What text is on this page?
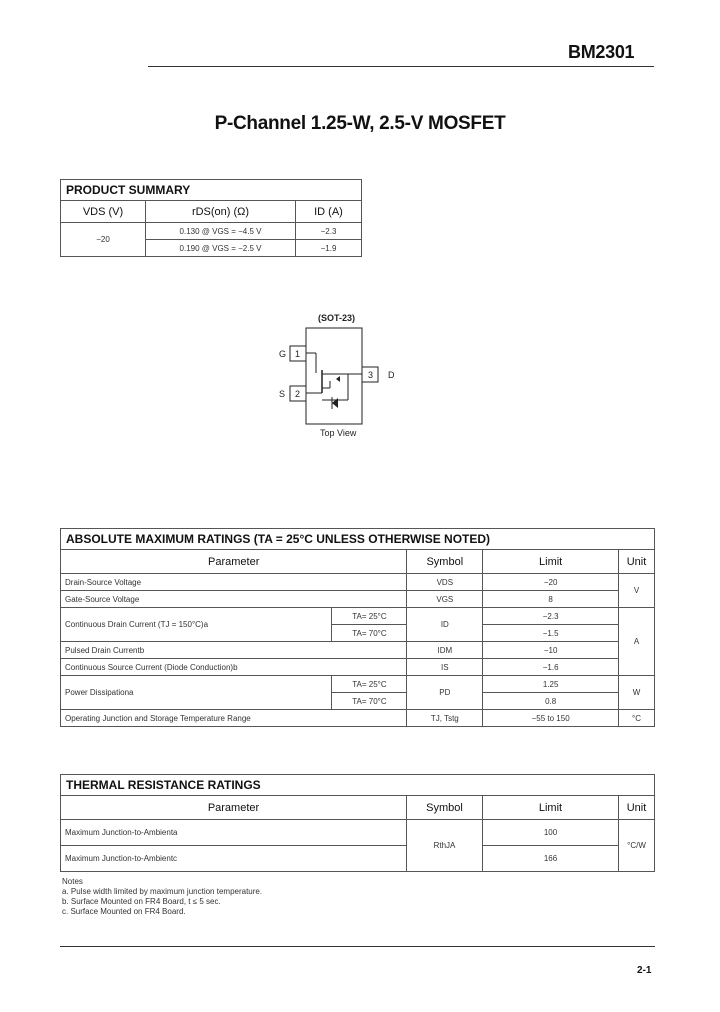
BM2301
P-Channel 1.25-W, 2.5-V MOSFET
PRODUCT SUMMARY		
VDS (V)	rDS(on) (Ω)	ID (A)
−20	0.130 @ VGS = −4.5 V	−2.3
	0.190 @ VGS = −2.5 V	−1.9
(SOT-23)
G 1
S 2
3 D
Top View
ABSOLUTE MAXIMUM RATINGS (TA = 25°C UNLESS OTHERWISE NOTED)				
Parameter		Symbol	Limit	Unit
Drain-Source Voltage		VDS	−20	V
Gate-Source Voltage		VGS	8	
Continuous Drain Current (TJ = 150°C)a	TA= 25°C	ID	−2.3	A
	TA= 70°C		−1.5	
Pulsed Drain Currentb		IDM	−10	
Continuous Source Current (Diode Conduction)b		IS	−1.6	
Power Dissipationa	TA= 25°C	PD	1.25	W
	TA= 70°C		0.8	
Operating Junction and Storage Temperature Range		TJ, Tstg	−55 to 150	°C
THERMAL RESISTANCE RATINGS			
Parameter	Symbol	Limit	Unit
Maximum Junction-to-Ambienta	RthJA	100	°C/W
Maximum Junction-to-Ambientc		166	
Notes
a. Pulse width limited by maximum junction temperature.
b. Surface Mounted on FR4 Board, t ≤ 5 sec.
c. Surface Mounted on FR4 Board.
2-1
